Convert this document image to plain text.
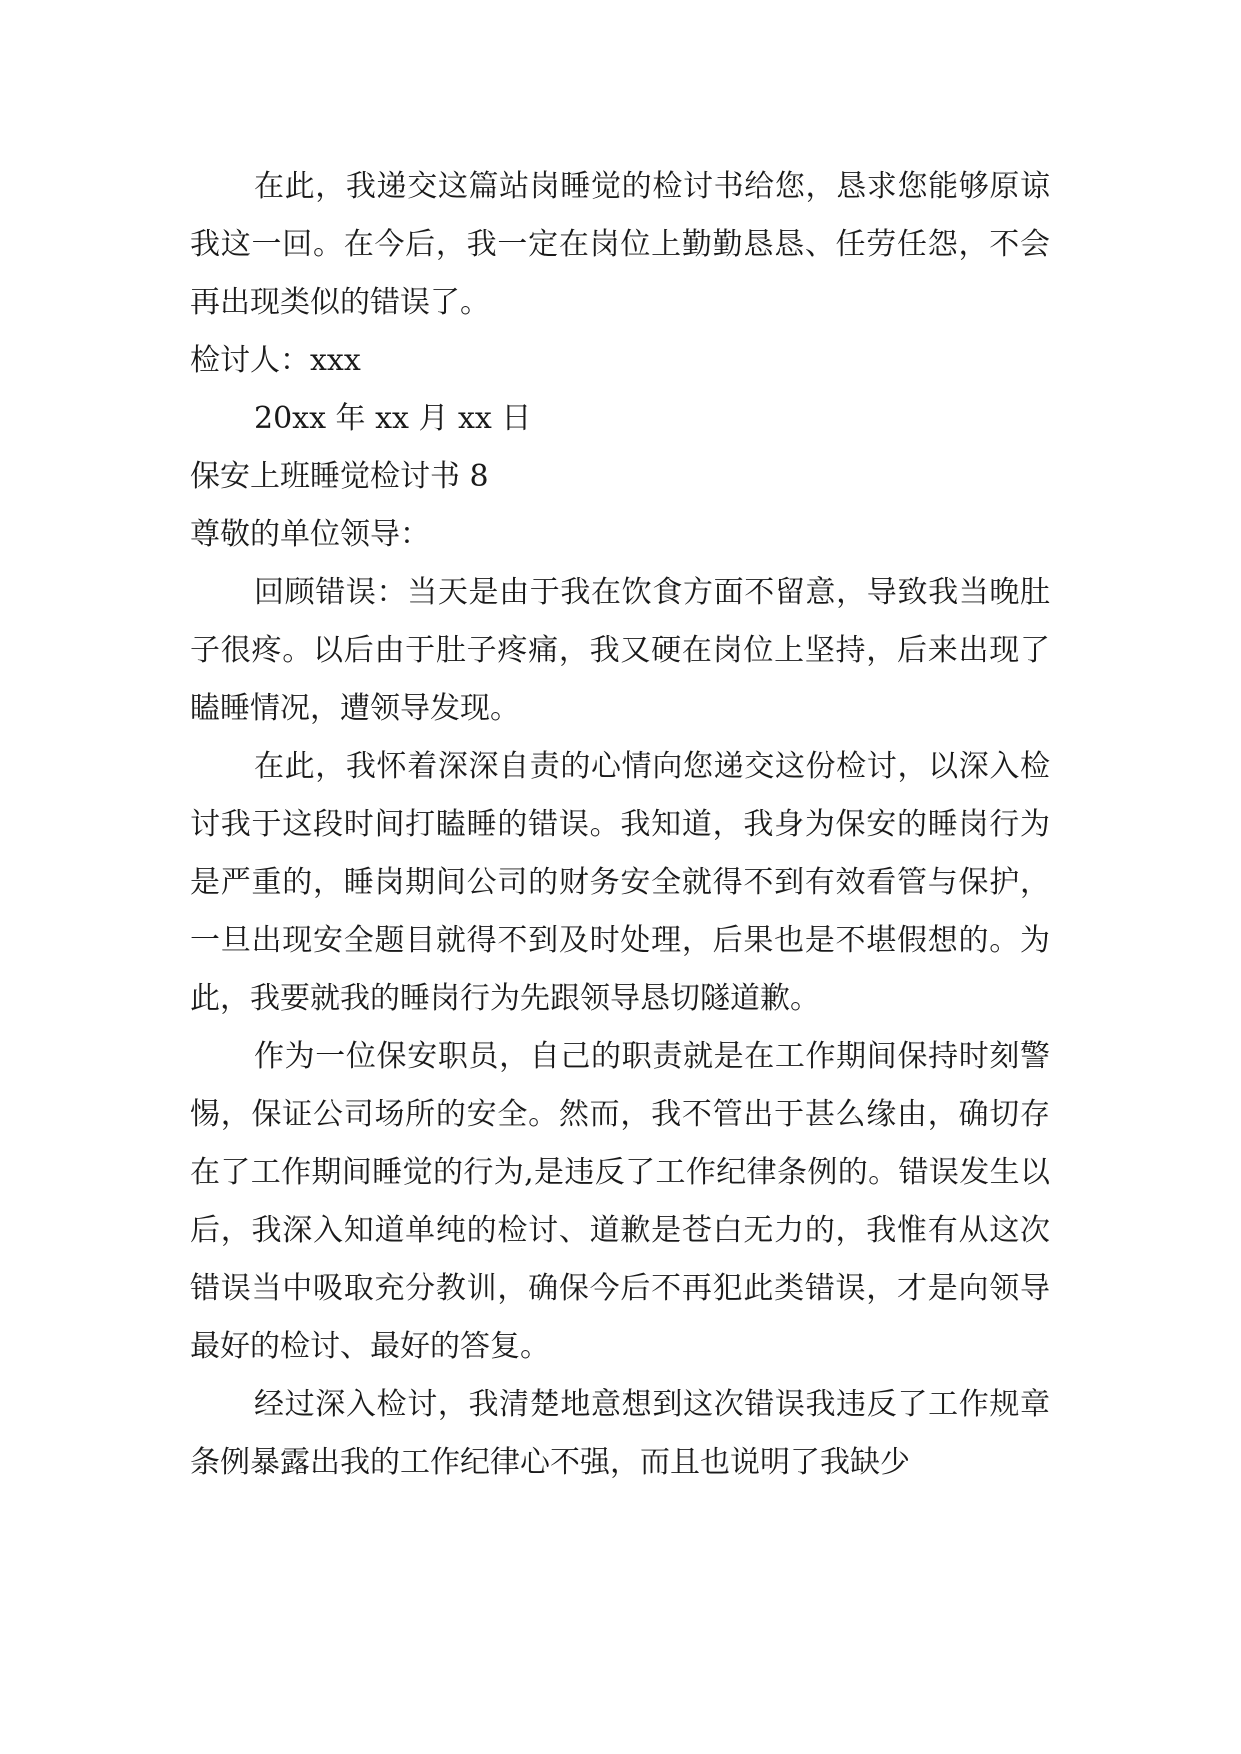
在此，我递交这篇站岗睡觉的检讨书给您，恳求您能够原谅我这一回。在今后，我一定在岗位上勤勤恳恳、任劳任怨，不会再出现类似的错误了。

检讨人：xxx

20xx 年 xx 月 xx 日

保安上班睡觉检讨书 8

尊敬的单位领导：

回顾错误：当天是由于我在饮食方面不留意，导致我当晚肚子很疼。以后由于肚子疼痛，我又硬在岗位上坚持，后来出现了瞌睡情况，遭领导发现。

在此，我怀着深深自责的心情向您递交这份检讨，以深入检讨我于这段时间打瞌睡的错误。我知道，我身为保安的睡岗行为是严重的，睡岗期间公司的财务安全就得不到有效看管与保护，一旦出现安全题目就得不到及时处理，后果也是不堪假想的。为此，我要就我的睡岗行为先跟领导恳切隧道歉。

作为一位保安职员，自己的职责就是在工作期间保持时刻警惕，保证公司场所的安全。然而，我不管出于甚么缘由，确切存在了工作期间睡觉的行为,是违反了工作纪律条例的。错误发生以后，我深入知道单纯的检讨、道歉是苍白无力的，我惟有从这次错误当中吸取充分教训，确保今后不再犯此类错误，才是向领导最好的检讨、最好的答复。

经过深入检讨，我清楚地意想到这次错误我违反了工作规章条例暴露出我的工作纪律心不强，而且也说明了我缺少
